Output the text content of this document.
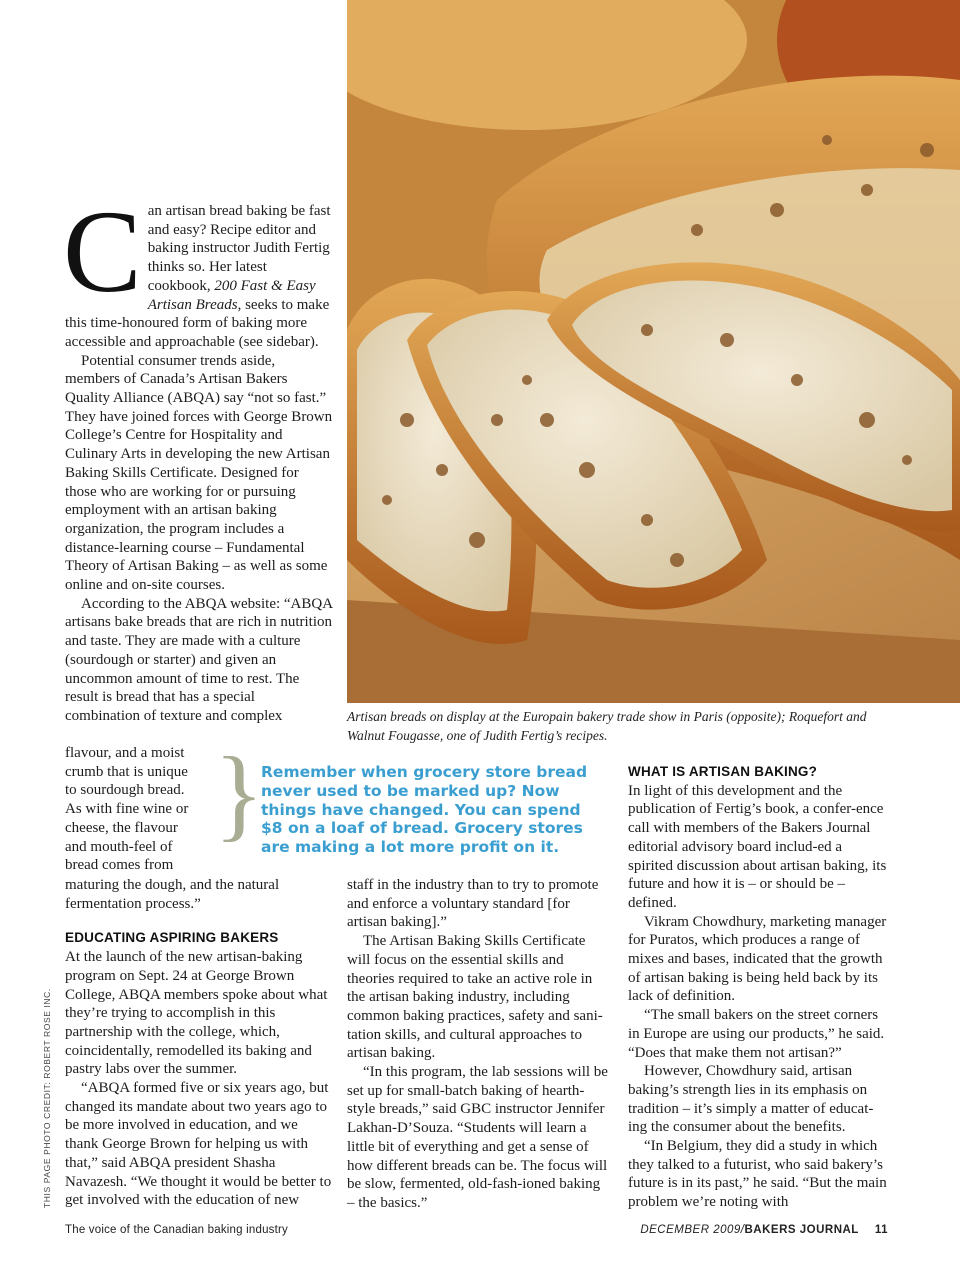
Artisan breads on display at the Europain bakery trade show in Paris (opposite); Roquefort and Walnut Fougasse, one of Judith Fertig’s recipes.

C an artisan bread baking be fast and easy? Recipe editor and baking instructor Judith Fertig thinks so. Her latest cookbook, 200 Fast & Easy Artisan Breads, seeks to make this time-honoured form of baking more accessible and approachable (see sidebar).

Potential consumer trends aside, members of Canada’s Artisan Bakers Quality Alliance (ABQA) say “not so fast.” They have joined forces with George Brown College’s Centre for Hospitality and Culinary Arts in developing the new Artisan Baking Skills Certificate. Designed for those who are working for or pursuing employment with an artisan baking organization, the program includes a distance-learning course – Fundamental Theory of Artisan Baking – as well as some online and on-site courses.

According to the ABQA website: “ABQA artisans bake breads that are rich in nutrition and taste. They are made with a culture (sourdough or starter) and given an uncommon amount of time to rest. The result is bread that has a special combination of texture and complex

flavour, and a moist crumb that is unique to sourdough bread. As with fine wine or cheese, the flavour and mouth-feel of bread comes from

}

Remember when grocery store bread never used to be marked up? Now things have changed. You can spend $8 on a loaf of bread. Grocery stores are making a lot more profit on it.

maturing the dough, and the natural fermentation process.”

EDUCATING ASPIRING BAKERS

At the launch of the new artisan-baking program on Sept. 24 at George Brown College, ABQA members spoke about what they’re trying to accomplish in this partnership with the college, which, coincidentally, remodelled its baking and pastry labs over the summer.

“ABQA formed five or six years ago, but changed its mandate about two years ago to be more involved in education, and we thank George Brown for helping us with that,” said ABQA president Shasha Navazesh. “We thought it would be better to get involved with the education of new

staff in the industry than to try to promote and enforce a voluntary standard [for artisan baking].”

The Artisan Baking Skills Certificate will focus on the essential skills and theories required to take an active role in the artisan baking industry, including common baking practices, safety and sani-tation skills, and cultural approaches to artisan baking.

“In this program, the lab sessions will be set up for small-batch baking of hearth-style breads,” said GBC instructor Jennifer Lakhan-D’Souza. “Students will learn a little bit of everything and get a sense of how different breads can be. The focus will be slow, fermented, old-fash-ioned baking – the basics.”

WHAT IS ARTISAN BAKING?

In light of this development and the publication of Fertig’s book, a confer-ence call with members of the Bakers Journal editorial advisory board includ-ed a spirited discussion about artisan baking, its future and how it is – or should be – defined.

Vikram Chowdhury, marketing manager for Puratos, which produces a range of mixes and bases, indicated that the growth of artisan baking is being held back by its lack of definition.

“The small bakers on the street corners in Europe are using our products,” he said. “Does that make them not artisan?”

However, Chowdhury said, artisan baking’s strength lies in its emphasis on tradition – it’s simply a matter of educat-ing the consumer about the benefits.

“In Belgium, they did a study in which they talked to a futurist, who said bakery’s future is in its past,” he said. “But the main problem we’re noting with

THIS PAGE PHOTO CREDIT: ROBERT ROSE INC.
The voice of the Canadian baking industry	DECEMBER 2009/BAKERS JOURNAL 11
